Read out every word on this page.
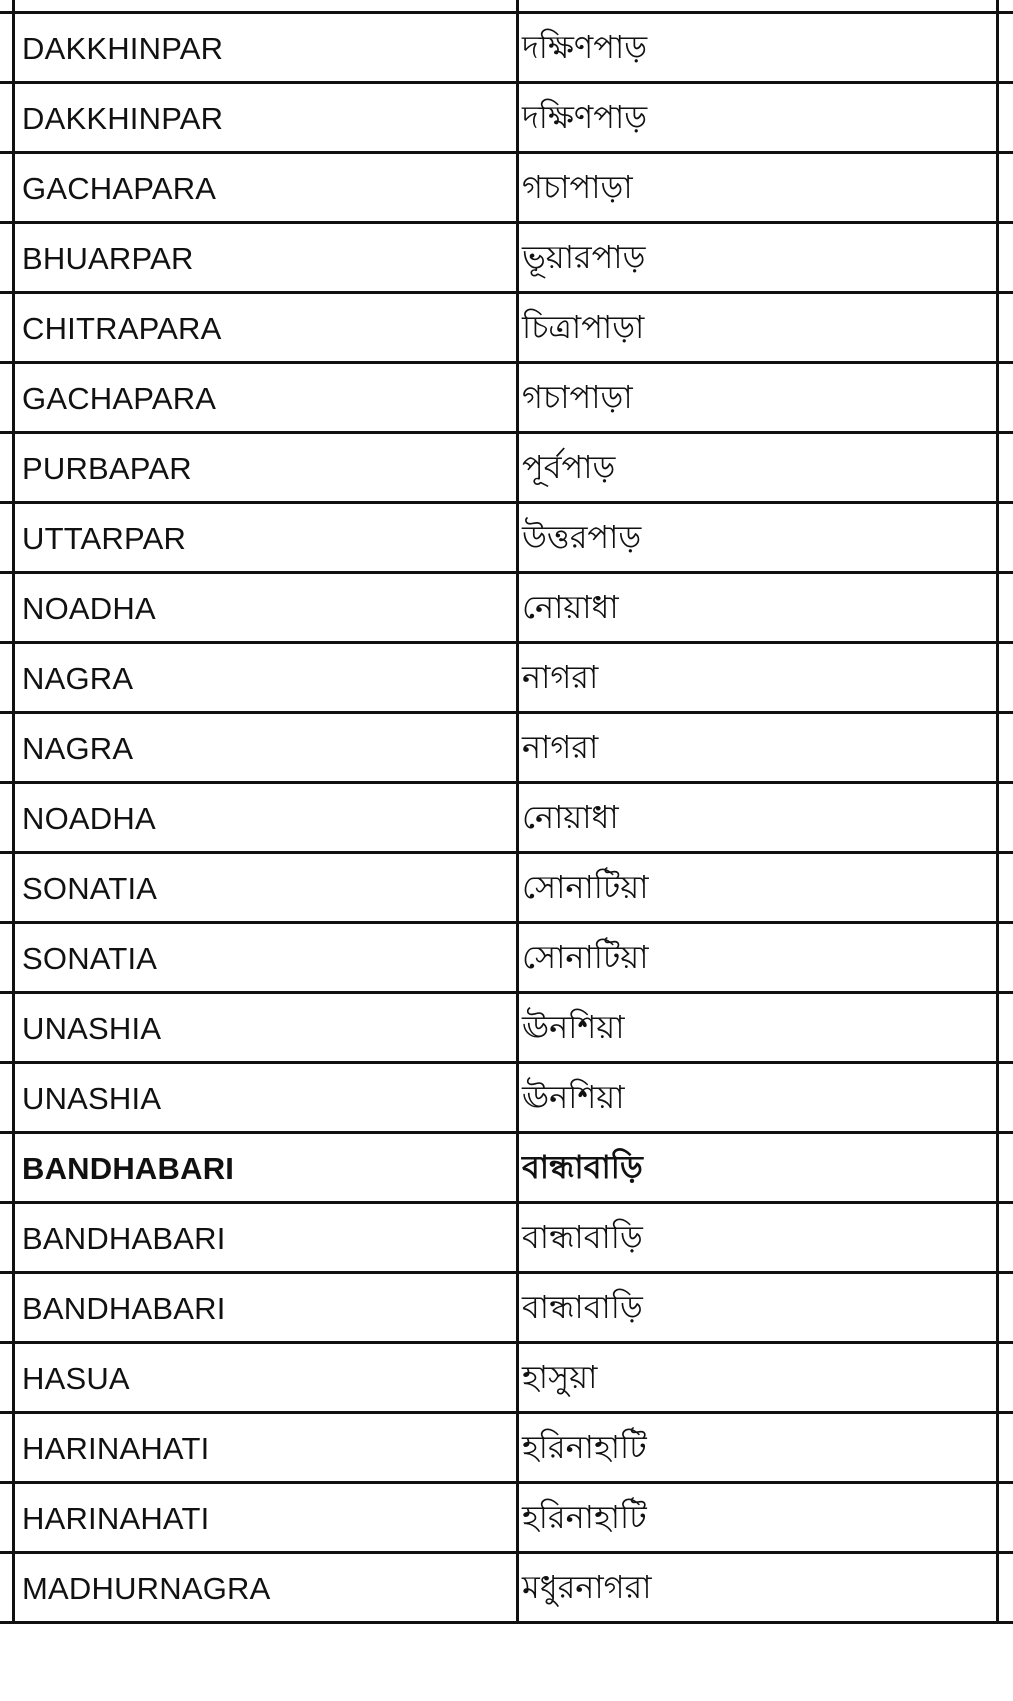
DAKKHINPAR	দক্ষিণপাড়
DAKKHINPAR	দক্ষিণপাড়
GACHAPARA	গচাপাড়া
BHUARPAR	ভূয়ারপাড়
CHITRAPARA	চিত্রাপাড়া
GACHAPARA	গচাপাড়া
PURBAPAR	পূর্বপাড়
UTTARPAR	উত্তরপাড়
NOADHA	নোয়াধা
NAGRA	নাগরা
NAGRA	নাগরা
NOADHA	নোয়াধা
SONATIA	সোনাটিয়া
SONATIA	সোনাটিয়া
UNASHIA	ঊনশিয়া
UNASHIA	ঊনশিয়া
BANDHABARI	বান্ধাবাড়ি
BANDHABARI	বান্ধাবাড়ি
BANDHABARI	বান্ধাবাড়ি
HASUA	হাসুয়া
HARINAHATI	হরিনাহাটি
HARINAHATI	হরিনাহাটি
MADHURNAGRA	মধুরনাগরা
